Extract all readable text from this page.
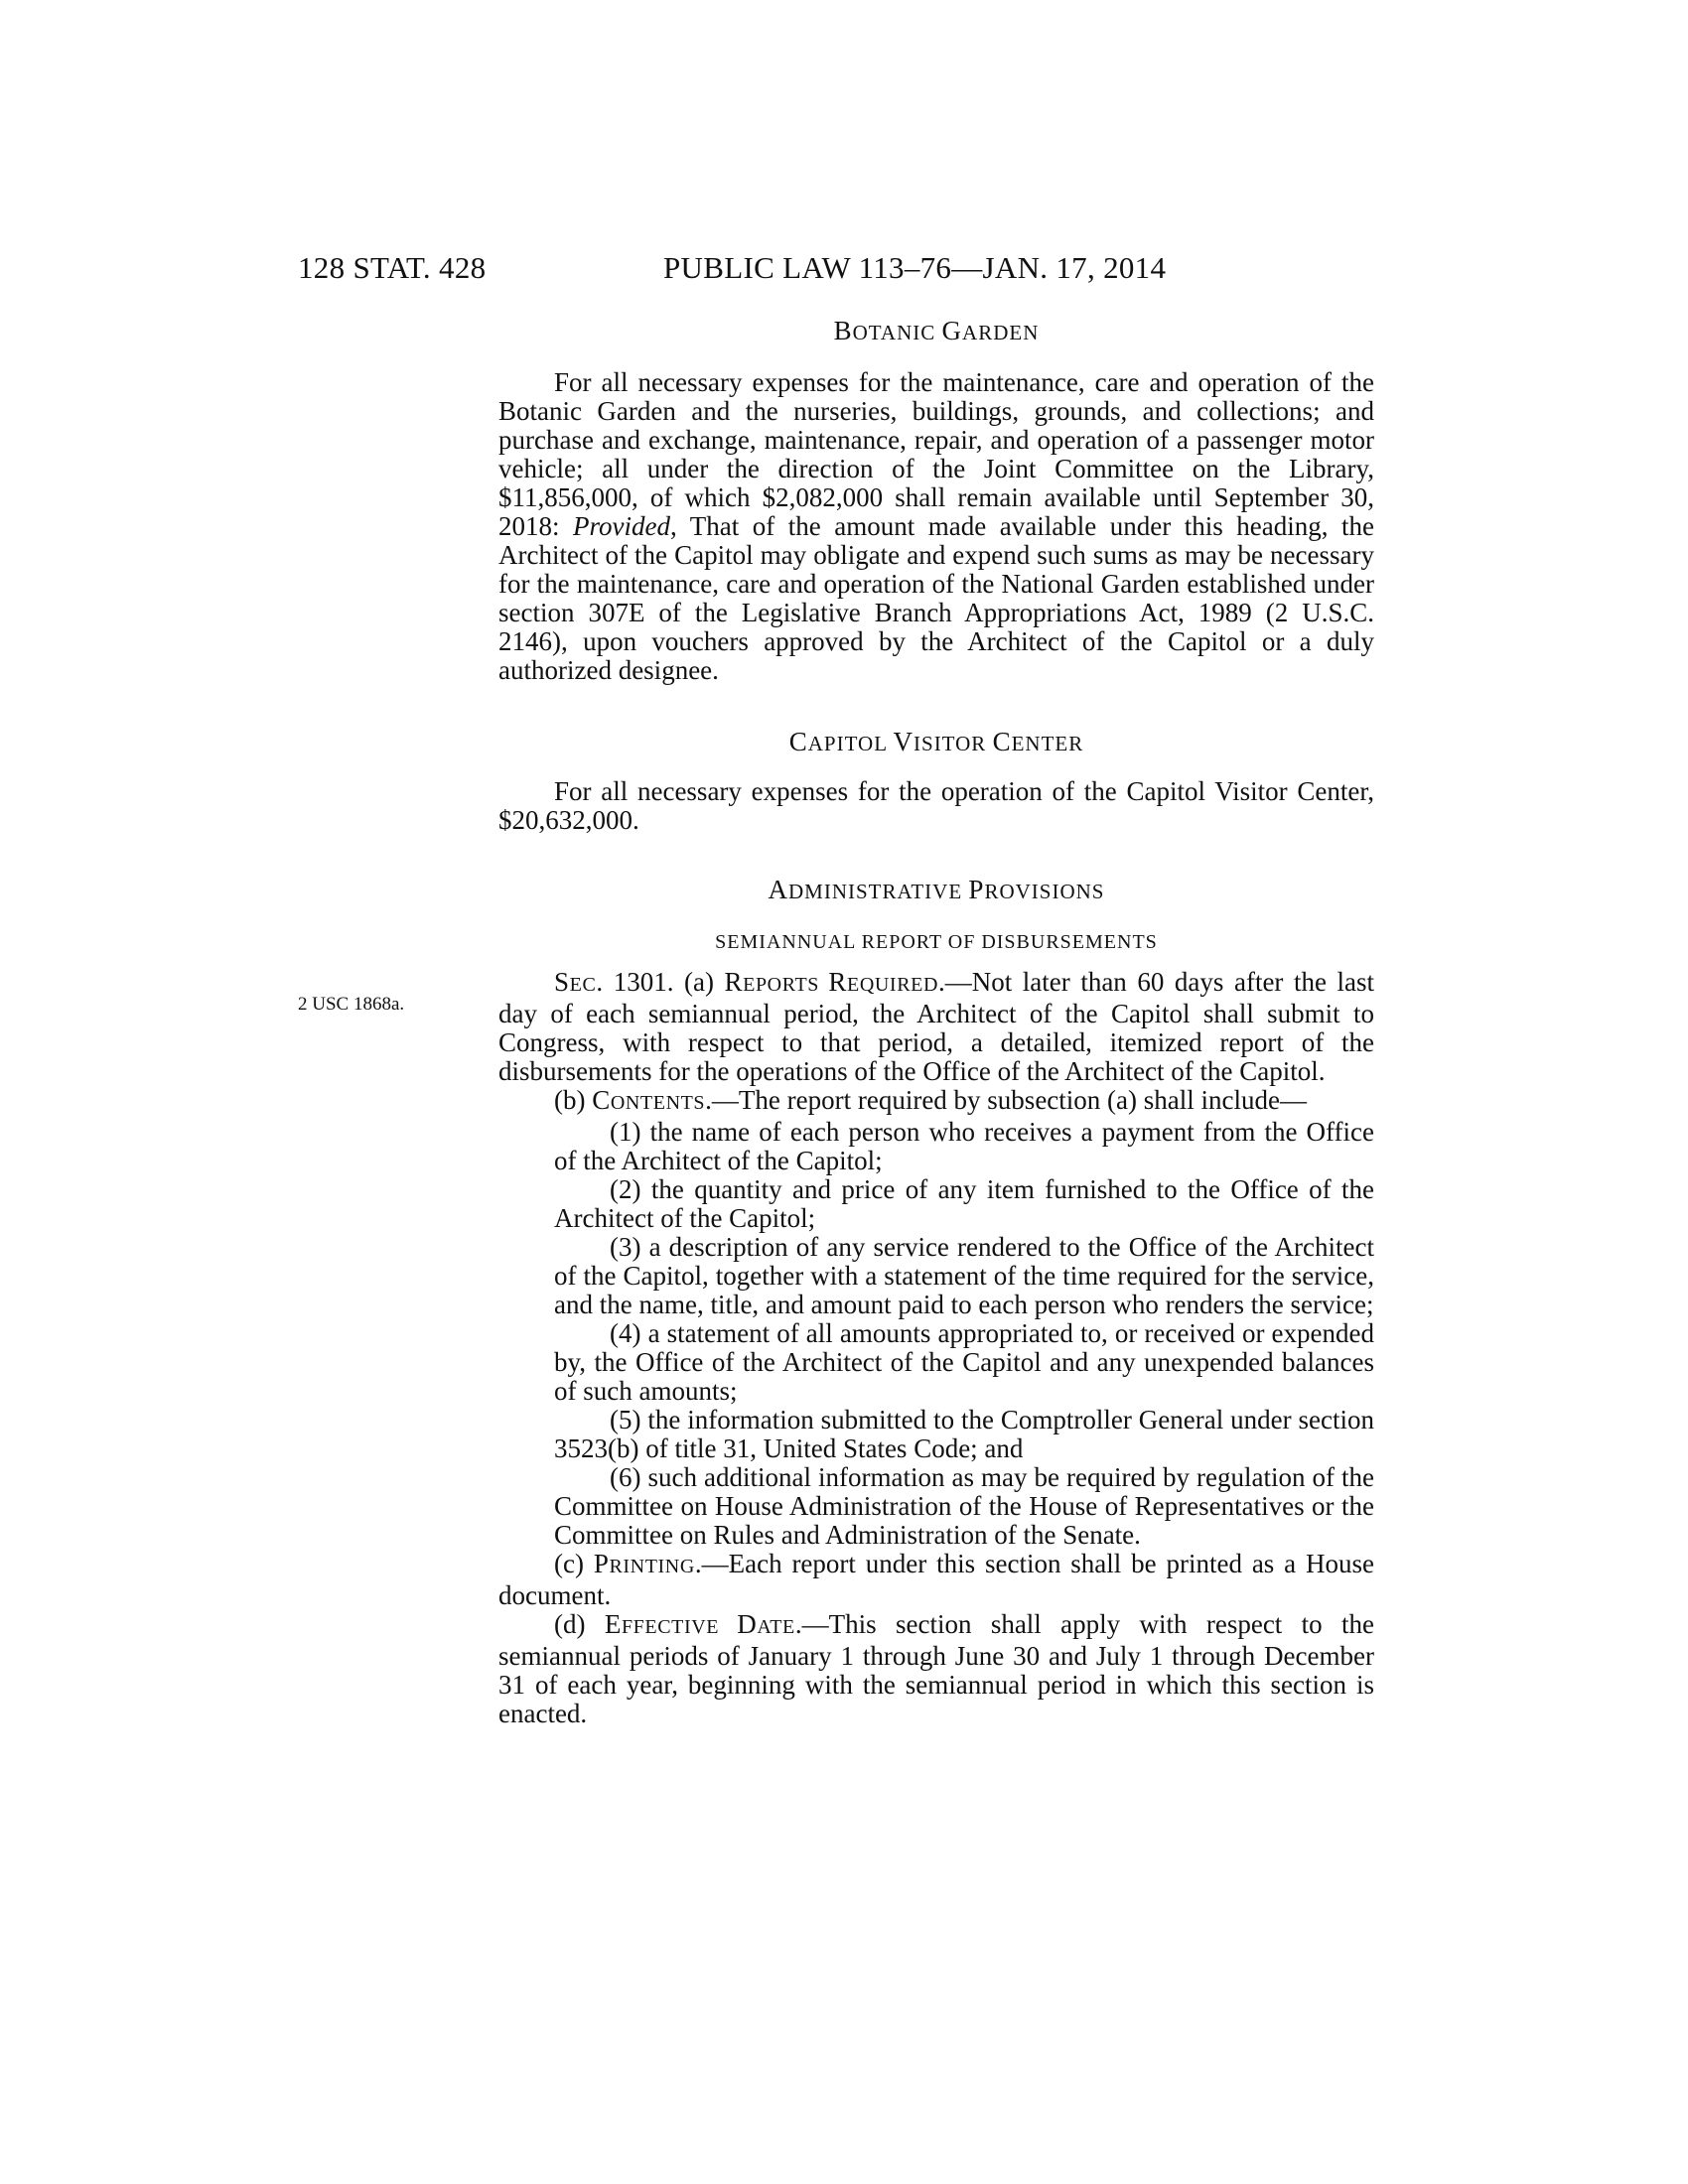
128 STAT. 428	PUBLIC LAW 113–76—JAN. 17, 2014
2 USC 1868a.
BOTANIC GARDEN

For all necessary expenses for the maintenance, care and operation of the Botanic Garden and the nurseries, buildings, grounds, and collections; and purchase and exchange, maintenance, repair, and operation of a passenger motor vehicle; all under the direction of the Joint Committee on the Library, $11,856,000, of which $2,082,000 shall remain available until September 30, 2018: Provided, That of the amount made available under this heading, the Architect of the Capitol may obligate and expend such sums as may be necessary for the maintenance, care and operation of the National Garden established under section 307E of the Legislative Branch Appropriations Act, 1989 (2 U.S.C. 2146), upon vouchers approved by the Architect of the Capitol or a duly authorized designee.

CAPITOL VISITOR CENTER

For all necessary expenses for the operation of the Capitol Visitor Center, $20,632,000.

ADMINISTRATIVE PROVISIONS
SEMIANNUAL REPORT OF DISBURSEMENTS

SEC. 1301. (a) REPORTS REQUIRED.—Not later than 60 days after the last day of each semiannual period, the Architect of the Capitol shall submit to Congress, with respect to that period, a detailed, itemized report of the disbursements for the operations of the Office of the Architect of the Capitol.

(b) CONTENTS.—The report required by subsection (a) shall include—

(1) the name of each person who receives a payment from the Office of the Architect of the Capitol;

(2) the quantity and price of any item furnished to the Office of the Architect of the Capitol;

(3) a description of any service rendered to the Office of the Architect of the Capitol, together with a statement of the time required for the service, and the name, title, and amount paid to each person who renders the service;

(4) a statement of all amounts appropriated to, or received or expended by, the Office of the Architect of the Capitol and any unexpended balances of such amounts;

(5) the information submitted to the Comptroller General under section 3523(b) of title 31, United States Code; and

(6) such additional information as may be required by regulation of the Committee on House Administration of the House of Representatives or the Committee on Rules and Administration of the Senate.

(c) PRINTING.—Each report under this section shall be printed as a House document.

(d) EFFECTIVE DATE.—This section shall apply with respect to the semiannual periods of January 1 through June 30 and July 1 through December 31 of each year, beginning with the semiannual period in which this section is enacted.
